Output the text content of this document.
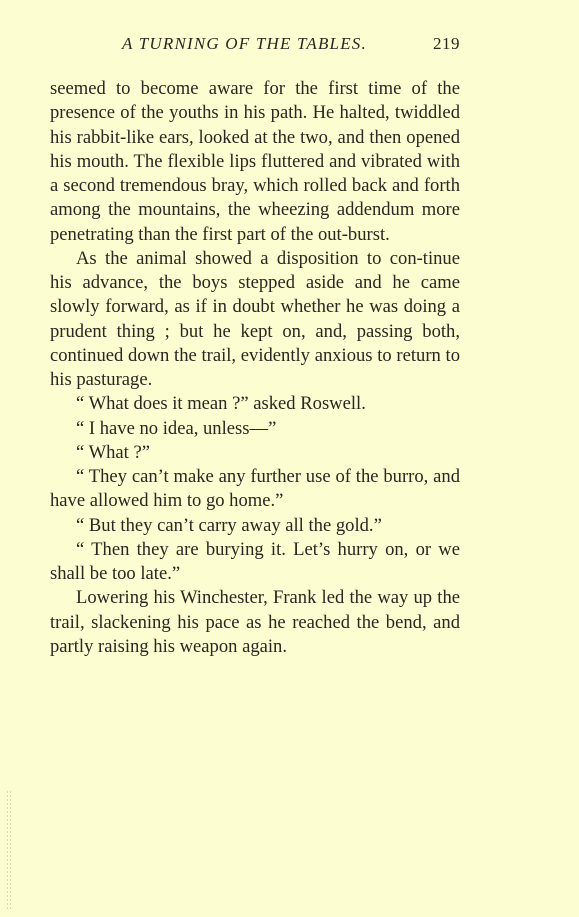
A TURNING OF THE TABLES.	219

seemed to become aware for the first time of the presence of the youths in his path. He halted, twiddled his rabbit-like ears, looked at the two, and then opened his mouth. The flexible lips fluttered and vibrated with a second tremendous bray, which rolled back and forth among the mountains, the wheezing addendum more penetrating than the first part of the out-burst.

As the animal showed a disposition to con-tinue his advance, the boys stepped aside and he came slowly forward, as if in doubt whether he was doing a prudent thing ; but he kept on, and, passing both, continued down the trail, evidently anxious to return to his pasturage.

“ What does it mean ?” asked Roswell.

“ I have no idea, unless—”

“ What ?”

“ They can’t make any further use of the burro, and have allowed him to go home.”

“ But they can’t carry away all the gold.”

“ Then they are burying it. Let’s hurry on, or we shall be too late.”

Lowering his Winchester, Frank led the way up the trail, slackening his pace as he reached the bend, and partly raising his weapon again.
